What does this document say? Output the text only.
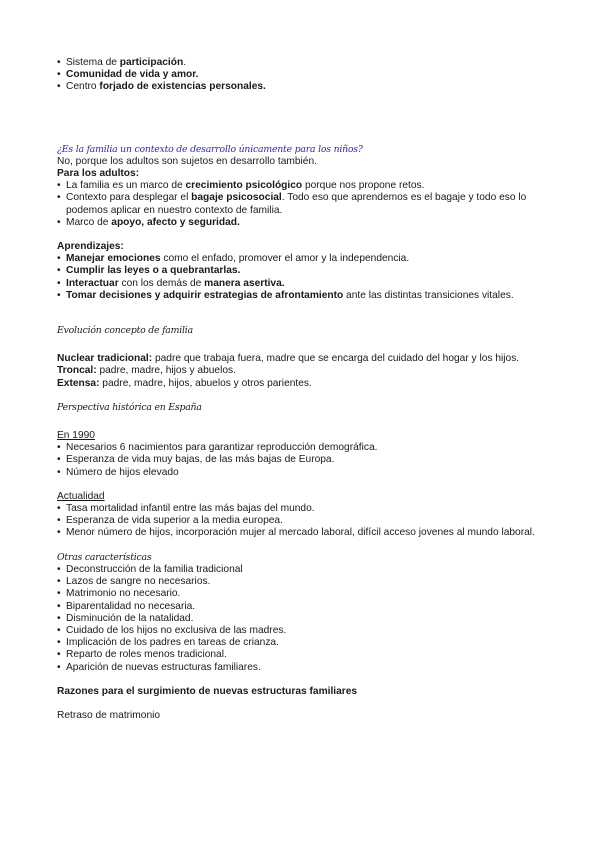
• Sistema de participación.
• Comunidad de vida y amor.
• Centro forjado de existencias personales.
¿Es la familia un contexto de desarrollo únicamente para los niños?
No, porque los adultos son sujetos en desarrollo también.
Para los adultos:
• La familia es un marco de crecimiento psicológico porque nos propone retos.
• Contexto para desplegar el bagaje psicosocial. Todo eso que aprendemos es el bagaje y todo eso lo podemos aplicar en nuestro contexto de familia.
• Marco de apoyo, afecto y seguridad.
Aprendizajes:
• Manejar emociones como el enfado, promover el amor y la independencia.
• Cumplir las leyes o a quebrantarlas.
• Interactuar con los demás de manera asertiva.
• Tomar decisiones y adquirir estrategias de afrontamiento ante las distintas transiciones vitales.
Evolución concepto de familia
Nuclear tradicional: padre que trabaja fuera, madre que se encarga del cuidado del hogar y los hijos.
Troncal: padre, madre, hijos y abuelos.
Extensa: padre, madre, hijos, abuelos y otros parientes.
Perspectiva histórica en España
En 1990
• Necesarios 6 nacimientos para garantizar reproducción demográfica.
• Esperanza de vida muy bajas, de las más bajas de Europa.
• Número de hijos elevado
Actualidad
• Tasa mortalidad infantil entre las más bajas del mundo.
• Esperanza de vida superior a la media europea.
• Menor número de hijos, incorporación mujer al mercado laboral, difícil acceso jovenes al mundo laboral.
Otras características
• Deconstrucción de la familia tradicional
• Lazos de sangre no necesarios.
• Matrimonio no necesario.
• Biparentalidad no necesaria.
• Disminución de la natalidad.
• Cuidado de los hijos no exclusiva de las madres.
• Implicación de los padres en tareas de crianza.
• Reparto de roles menos tradicional.
• Aparición de nuevas estructuras familiares.
Razones para el surgimiento de nuevas estructuras familiares
Retraso de matrimonio
